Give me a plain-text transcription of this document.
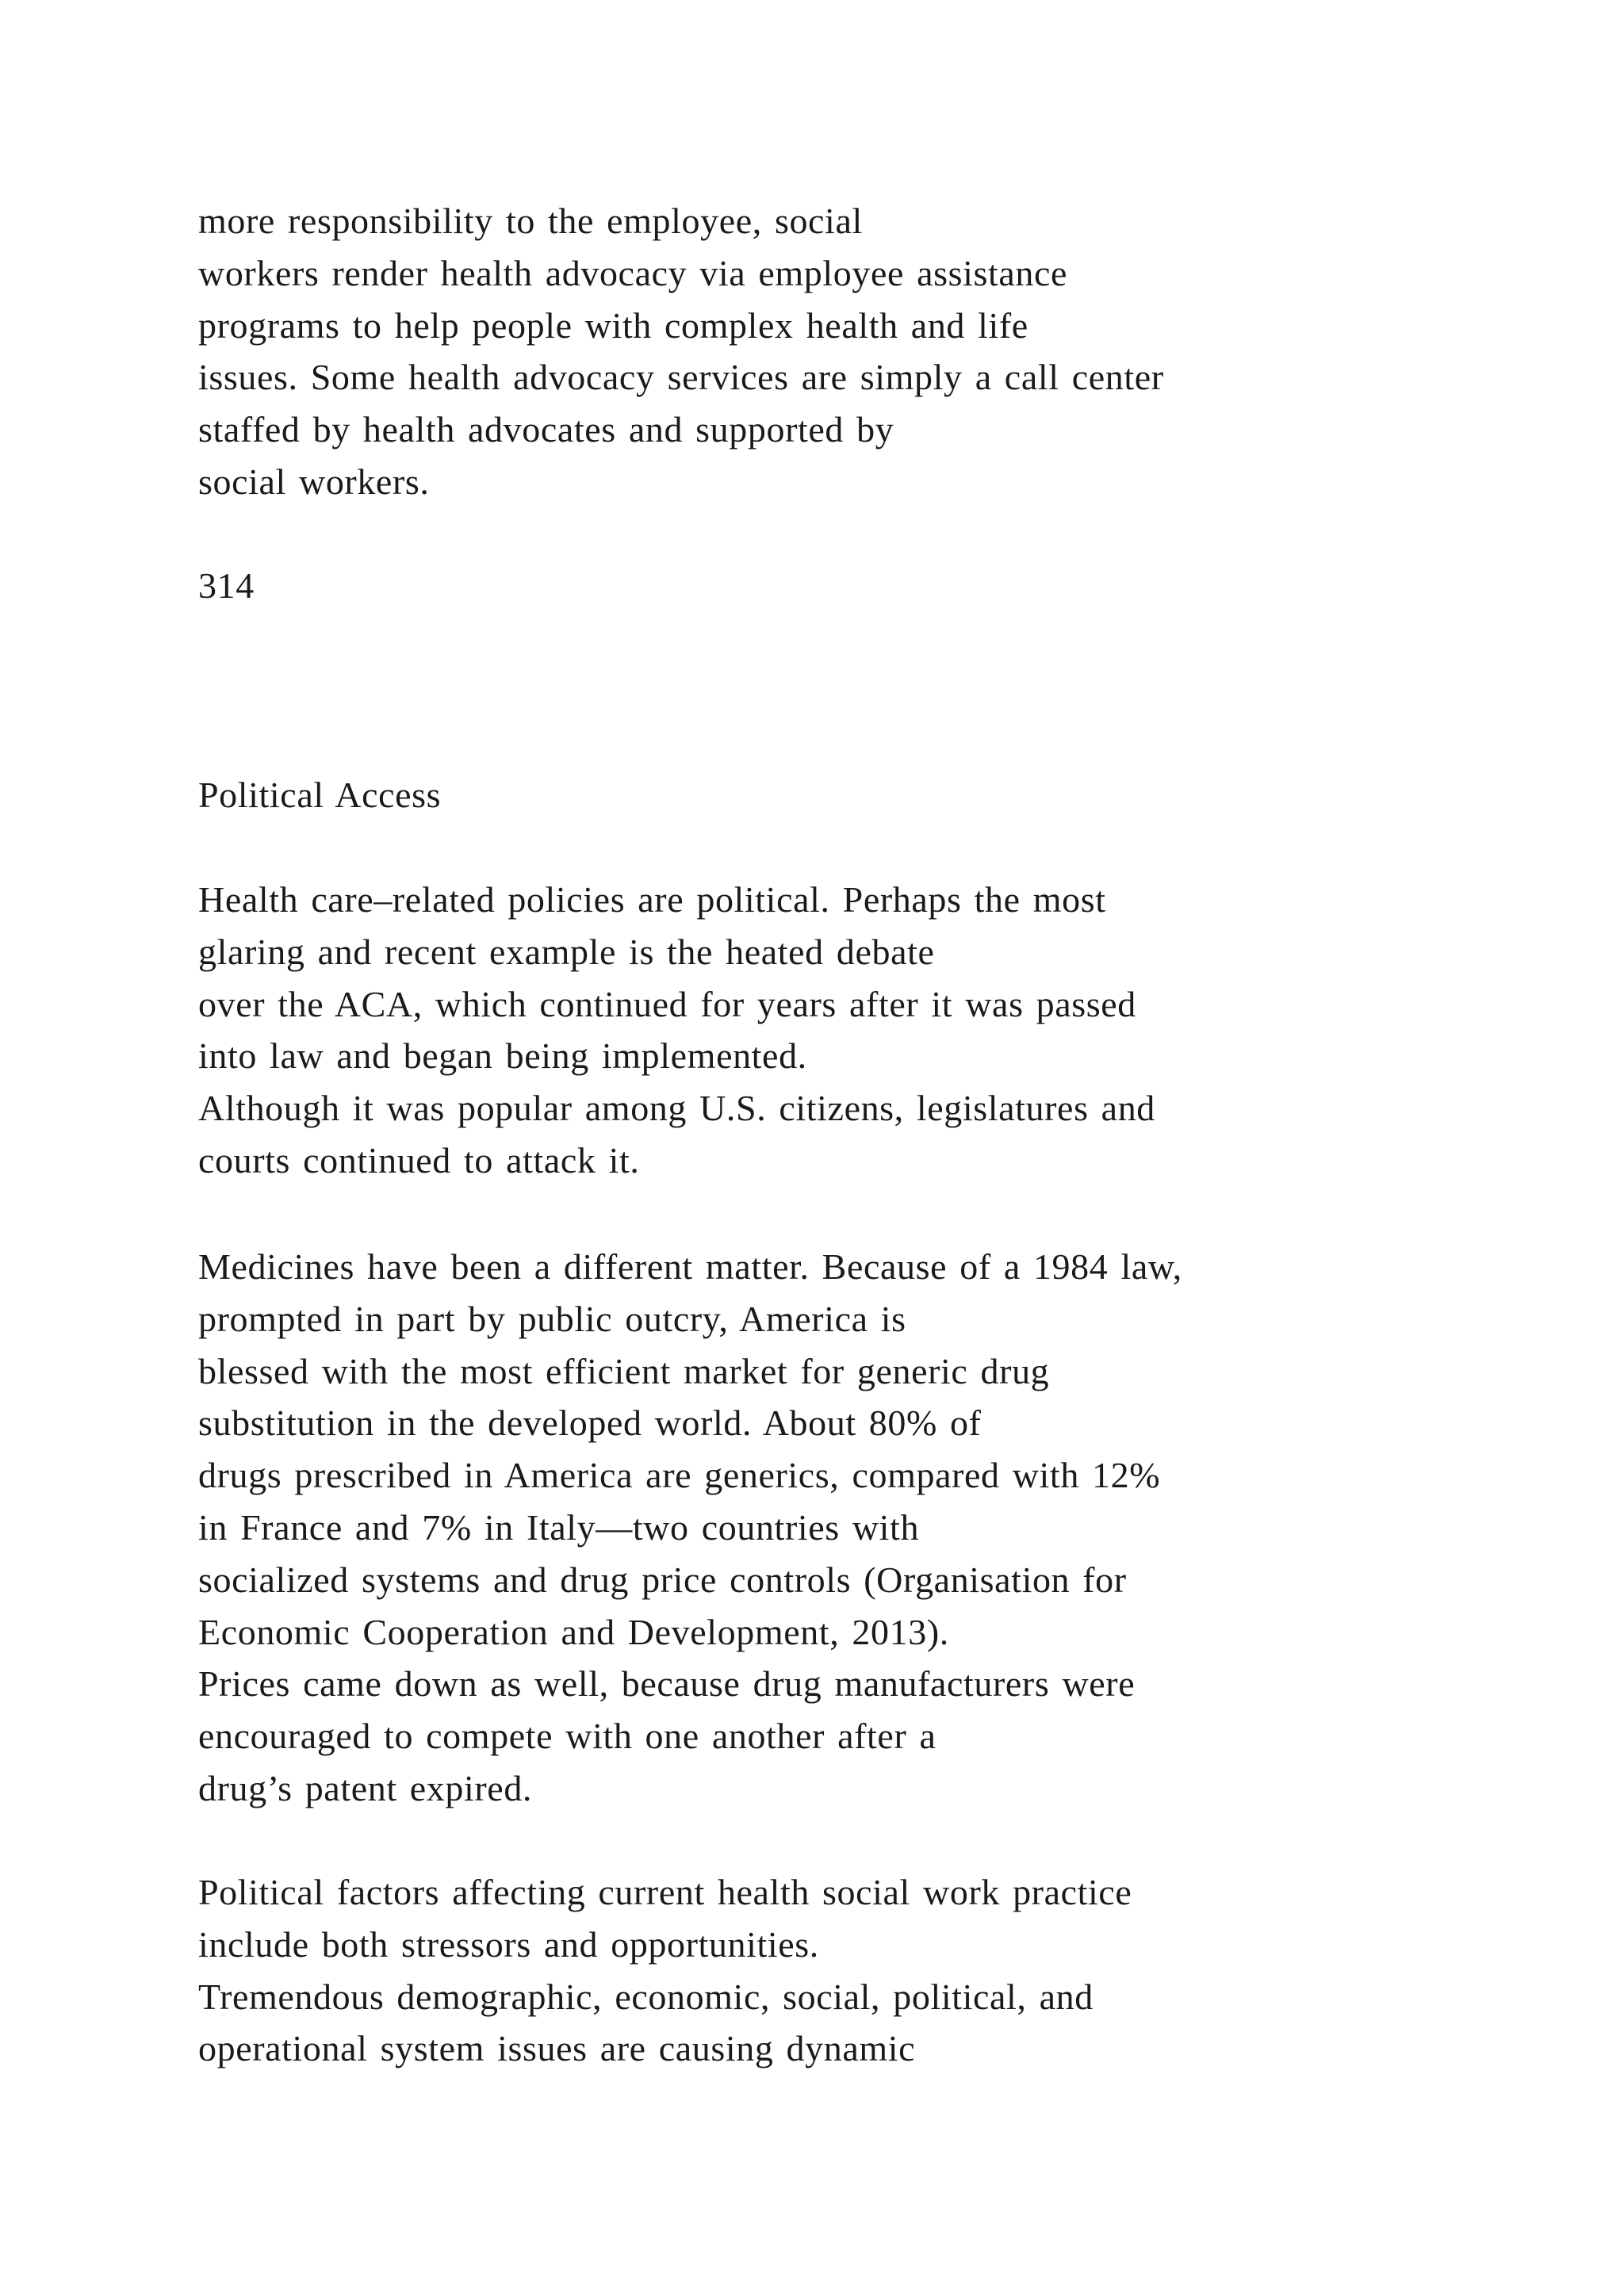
more responsibility to the employee, social
workers render health advocacy via employee assistance
programs to help people with complex health and life
issues. Some health advocacy services are simply a call center
staffed by health advocates and supported by
social workers.
314
Political Access
Health care–related policies are political. Perhaps the most
glaring and recent example is the heated debate
over the ACA, which continued for years after it was passed
into law and began being implemented.
Although it was popular among U.S. citizens, legislatures and
courts continued to attack it.
Medicines have been a different matter. Because of a 1984 law,
prompted in part by public outcry, America is
blessed with the most efficient market for generic drug
substitution in the developed world. About 80% of
drugs prescribed in America are generics, compared with 12%
in France and 7% in Italy—two countries with
socialized systems and drug price controls (Organisation for
Economic Cooperation and Development, 2013).
Prices came down as well, because drug manufacturers were
encouraged to compete with one another after a
drug’s patent expired.
Political factors affecting current health social work practice
include both stressors and opportunities.
Tremendous demographic, economic, social, political, and
operational system issues are causing dynamic
